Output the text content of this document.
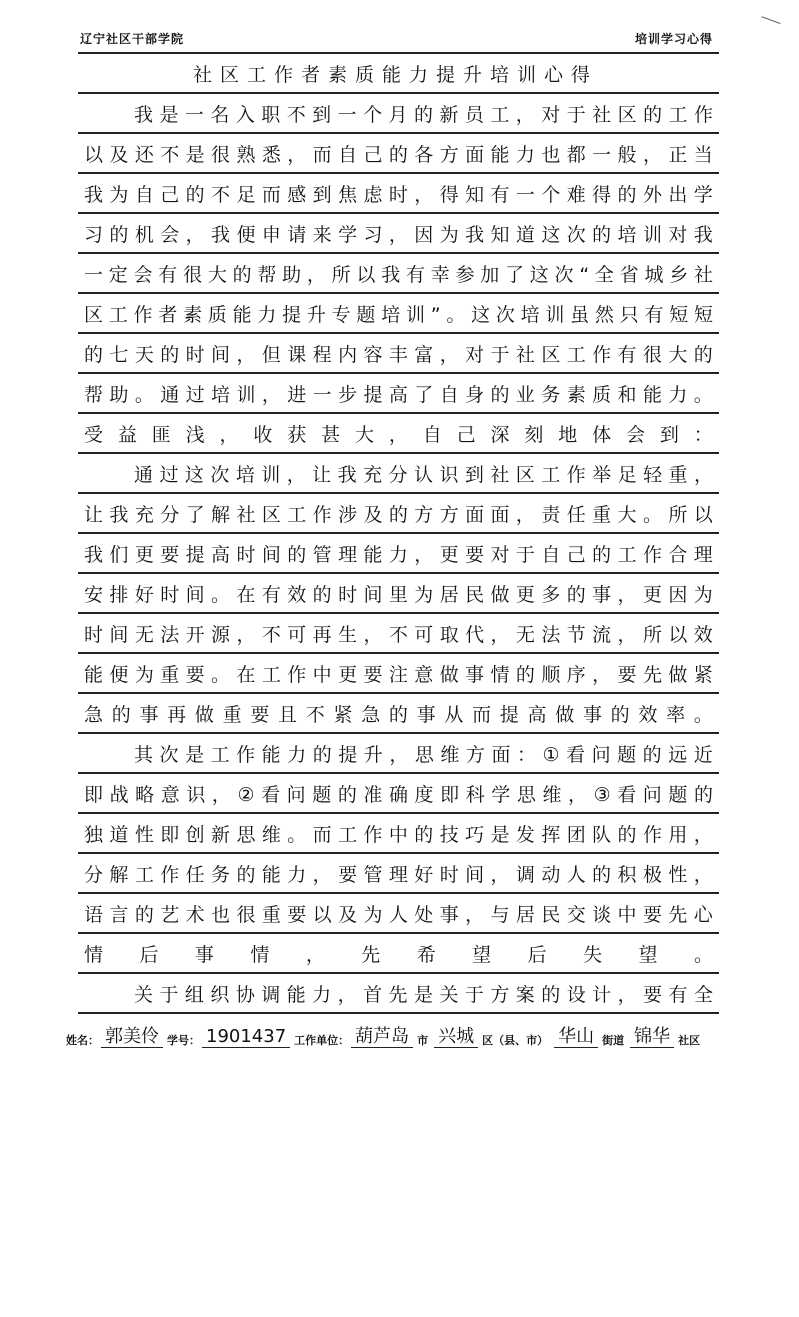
辽宁社区干部学院	培训学习心得
社区工作者素质能力提升培训心得
我 是 一 名 入 职 不 到 一 个 月 的 新 员 工 ， 对 于 社 区 的 工 作
以 及 还 不 是 很 熟 悉 ， 而 自 己 的 各 方 面 能 力 也 都 一 般 ， 正 当
我 为 自 己 的 不 足 而 感 到 焦 虑 时 ， 得 知 有 一 个 难 得 的 外 出 学
习 的 机 会 ， 我 便 申 请 来 学 习 ， 因 为 我 知 道 这 次 的 培 训 对 我
一 定 会 有 很 大 的 帮 助 ， 所 以 我 有 幸 参 加 了 这 次 “ 全 省 城 乡 社
区 工 作 者 素 质 能 力 提 升 专 题 培 训 ” 。 这 次 培 训 虽 然 只 有 短 短
的 七 天 的 时 间 ， 但 课 程 内 容 丰 富 ， 对 于 社 区 工 作 有 很 大 的
帮 助 。 通 过 培 训 ， 进 一 步 提 高 了 自 身 的 业 务 素 质 和 能 力 。
受 益 匪 浅 ， 收 获 甚 大 ， 自 己 深 刻 地 体 会 到 ：
通 过 这 次 培 训 ， 让 我 充 分 认 识 到 社 区 工 作 举 足 轻 重 ，
让 我 充 分 了 解 社 区 工 作 涉 及 的 方 方 面 面 ， 责 任 重 大 。 所 以
我 们 更 要 提 高 时 间 的 管 理 能 力 ， 更 要 对 于 自 己 的 工 作 合 理
安 排 好 时 间 。 在 有 效 的 时 间 里 为 居 民 做 更 多 的 事 ， 更 因 为
时 间 无 法 开 源 ， 不 可 再 生 ， 不 可 取 代 ， 无 法 节 流 ， 所 以 效
能 便 为 重 要 。 在 工 作 中 更 要 注 意 做 事 情 的 顺 序 ， 要 先 做 紧
急 的 事 再 做 重 要 且 不 紧 急 的 事 从 而 提 高 做 事 的 效 率 。
其 次 是 工 作 能 力 的 提 升 ， 思 维 方 面 ： ① 看 问 题 的 远 近
即 战 略 意 识 ， ② 看 问 题 的 准 确 度 即 科 学 思 维 ， ③ 看 问 题 的
独 道 性 即 创 新 思 维 。 而 工 作 中 的 技 巧 是 发 挥 团 队 的 作 用 ，
分 解 工 作 任 务 的 能 力 ， 要 管 理 好 时 间 ， 调 动 人 的 积 极 性 ，
语 言 的 艺 术 也 很 重 要 以 及 为 人 处 事 ， 与 居 民 交 谈 中 要 先 心
情 后 事 情 ， 先 希 望 后 失 望 。
关 于 组 织 协 调 能 力 ， 首 先 是 关 于 方 案 的 设 计 ， 要 有 全
姓名： 郭美伶 学号： 1901437 工作单位： 葫芦岛 市 兴城 区（县、市） 华山 街道 锦华 社区
